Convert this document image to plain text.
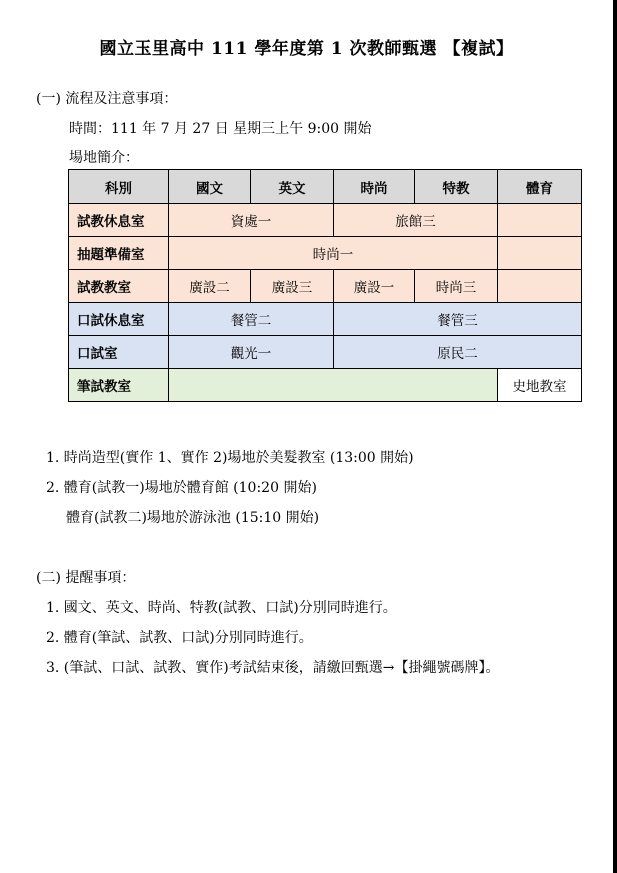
國立玉里高中 111 學年度第 1 次教師甄選 【複試】
(一) 流程及注意事項：
時間：111 年 7 月 27 日 星期三上午 9:00 開始
場地簡介：
科別	國文	英文	時尚	特教	體育
試教休息室	資處一		旅館三		
抽題準備室	時尚一				
試教教室	廣設二	廣設三	廣設一	時尚三	
口試休息室	餐管二		餐管三		
口試室	觀光一		原民二		
筆試教室					史地教室
1. 時尚造型(實作 1、實作 2)場地於美髮教室 (13:00 開始)
2. 體育(試教一)場地於體育館 (10:20 開始)
體育(試教二)場地於游泳池 (15:10 開始)
(二) 提醒事項：
1. 國文、英文、時尚、特教(試教、口試)分別同時進行。
2. 體育(筆試、試教、口試)分別同時進行。
3. (筆試、口試、試教、實作)考試結束後，請繳回甄選→【掛繩號碼牌】。
